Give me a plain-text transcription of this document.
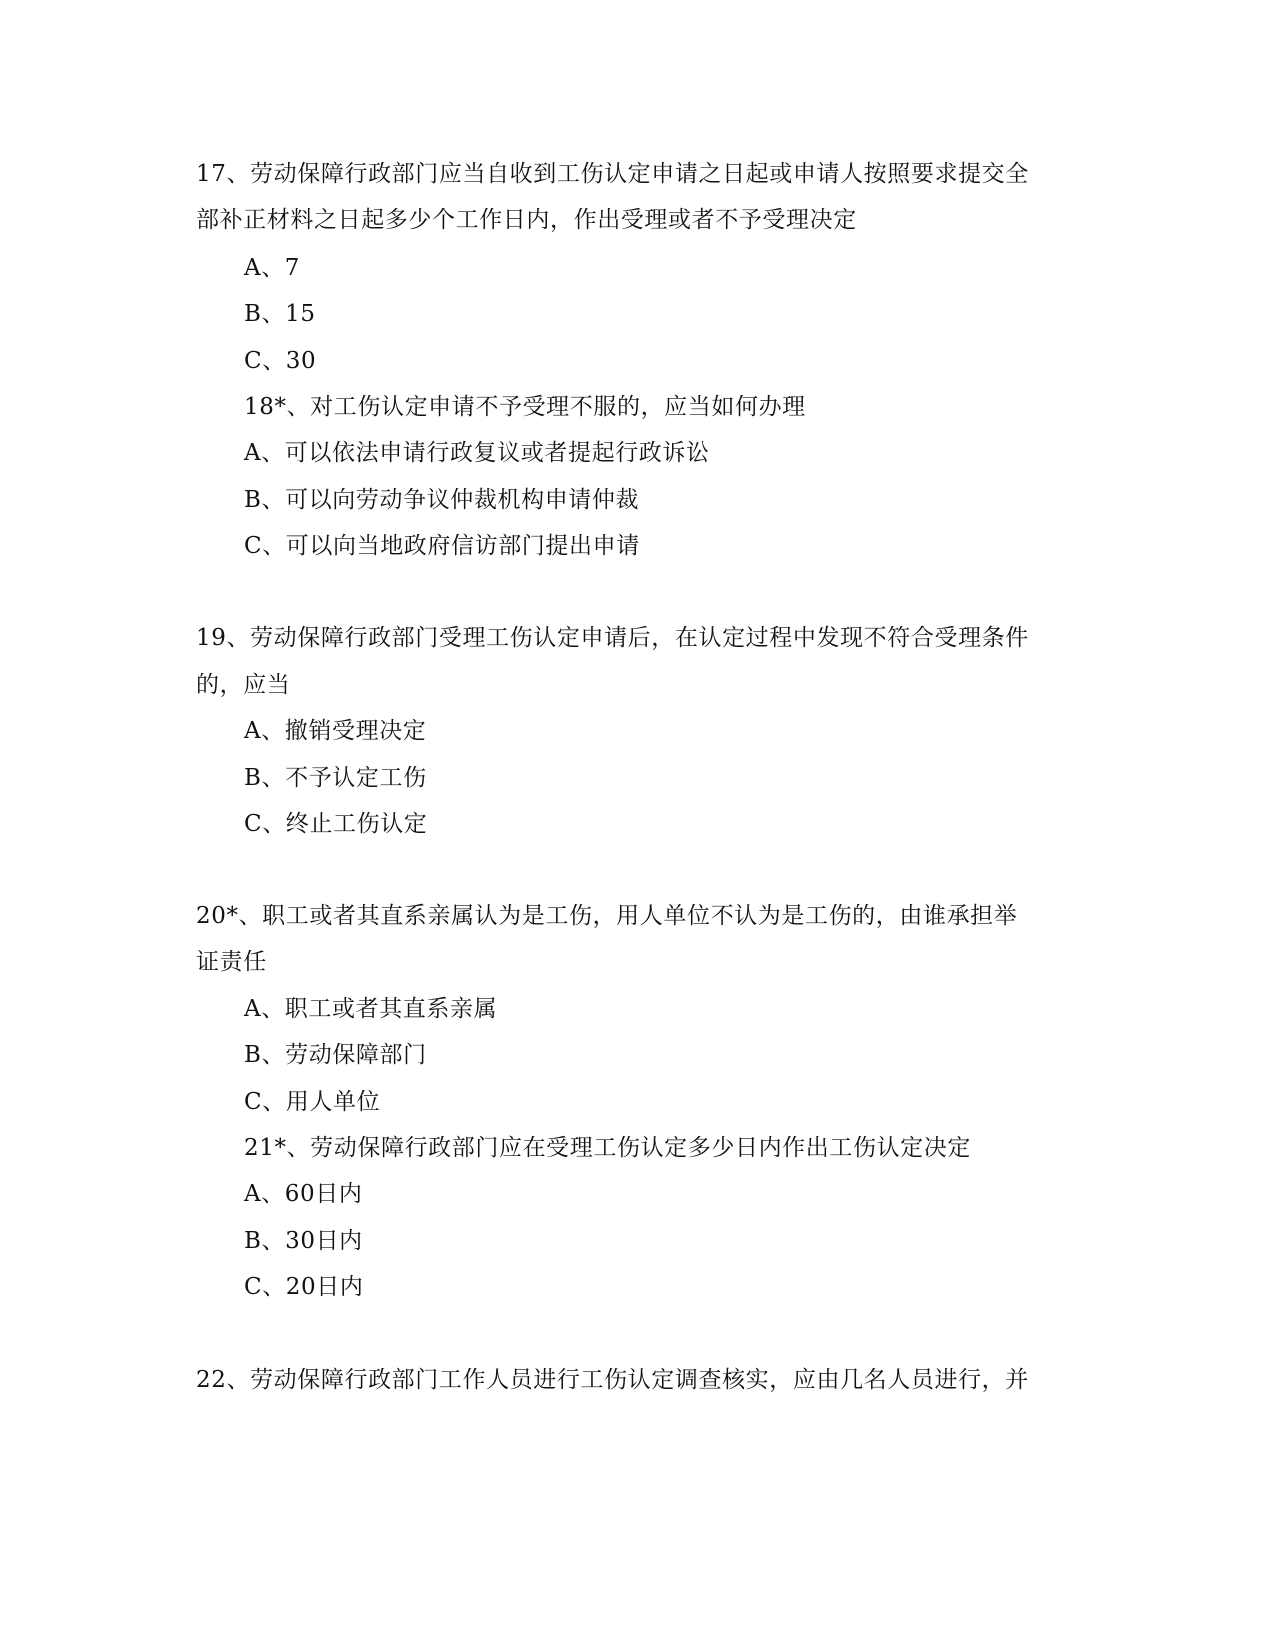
17、劳动保障行政部门应当自收到工伤认定申请之日起或申请人按照要求提交全
部补正材料之日起多少个工作日内，作出受理或者不予受理决定
A、7
B、15
C、30
18*、对工伤认定申请不予受理不服的，应当如何办理
A、可以依法申请行政复议或者提起行政诉讼
B、可以向劳动争议仲裁机构申请仲裁
C、可以向当地政府信访部门提出申请
19、劳动保障行政部门受理工伤认定申请后，在认定过程中发现不符合受理条件
的，应当
A、撤销受理决定
B、不予认定工伤
C、终止工伤认定
20*、职工或者其直系亲属认为是工伤，用人单位不认为是工伤的，由谁承担举
证责任
A、职工或者其直系亲属
B、劳动保障部门
C、用人单位
21*、劳动保障行政部门应在受理工伤认定多少日内作出工伤认定决定
A、60日内
B、30日内
C、20日内
22、劳动保障行政部门工作人员进行工伤认定调查核实，应由几名人员进行，并
